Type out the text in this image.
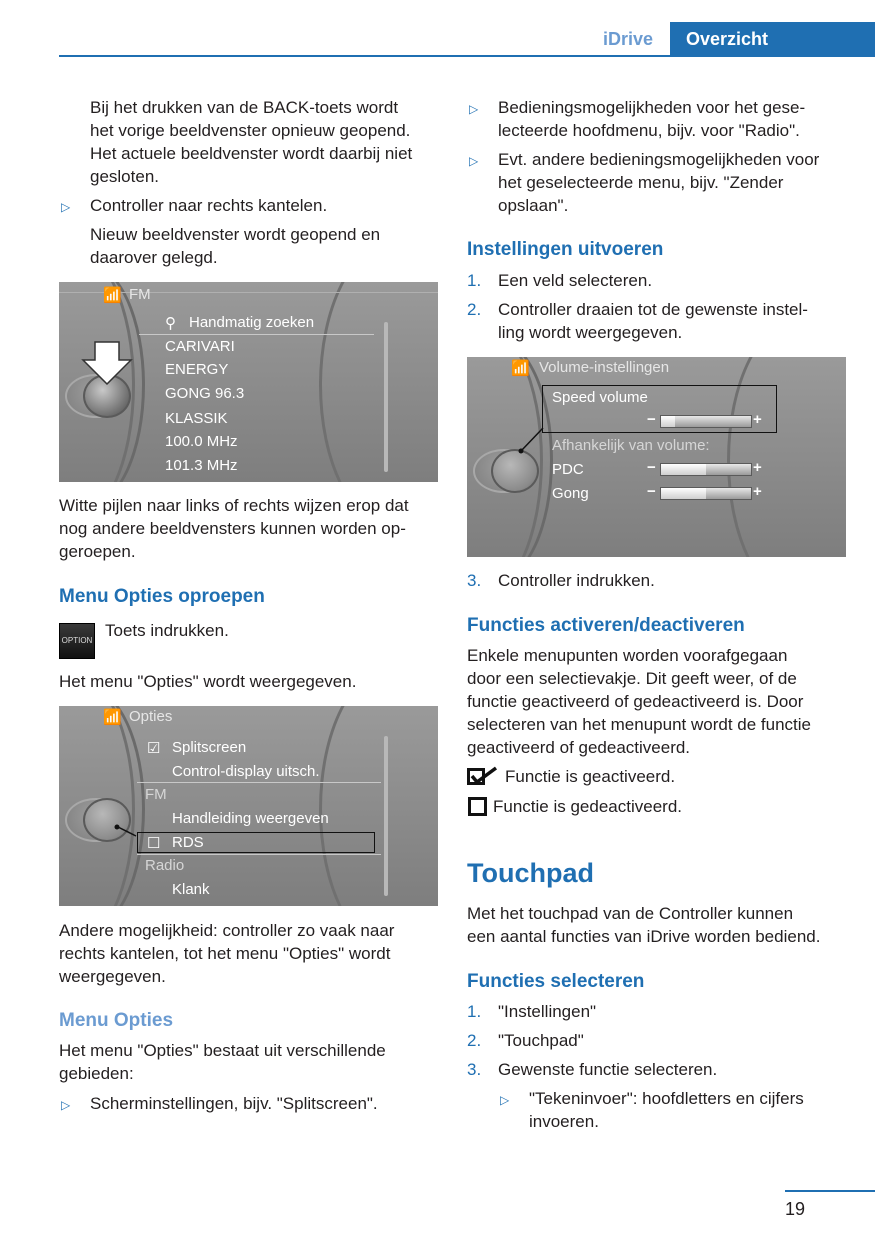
iDrive	Overzicht
Bij het drukken van de BACK-toets wordt
het vorige beeldvenster opnieuw geopend.
Het actuele beeldvenster wordt daarbij niet
gesloten.
▷ Controller naar rechts kantelen.
Nieuw beeldvenster wordt geopend en
daarover gelegd.
📶 FM
⚲ Handmatig zoeken
CARIVARI
ENERGY
GONG 96.3
KLASSIK
100.0 MHz
101.3 MHz
Witte pijlen naar links of rechts wijzen erop dat
nog andere beeldvensters kunnen worden op-
geroepen.
Menu Opties oproepen
OPTION
Toets indrukken.
Het menu "Opties" wordt weergegeven.
📶 Opties
☑ Splitscreen
Control-display uitsch.
FM
Handleiding weergeven
☐ RDS
Radio
Klank
Andere mogelijkheid: controller zo vaak naar
rechts kantelen, tot het menu "Opties" wordt
weergegeven.
Menu Opties
Het menu "Opties" bestaat uit verschillende
gebieden:
▷ Scherminstellingen, bijv. "Splitscreen".
▷ Bedieningsmogelijkheden voor het gese-
lecteerde hoofdmenu, bijv. voor "Radio".
▷ Evt. andere bedieningsmogelijkheden voor
het geselecteerde menu, bijv. "Zender
opslaan".
Instellingen uitvoeren
1. Een veld selecteren.
2. Controller draaien tot de gewenste instel-
ling wordt weergegeven.
📶 Volume-instellingen
Speed volume
−	+
Afhankelijk van volume:
PDC	−	+
Gong	−	+
3. Controller indrukken.
Functies activeren/deactiveren
Enkele menupunten worden voorafgegaan
door een selectievakje. Dit geeft weer, of de
functie geactiveerd of gedeactiveerd is. Door
selecteren van het menupunt wordt de functie
geactiveerd of gedeactiveerd.
Functie is geactiveerd.
Functie is gedeactiveerd.
Touchpad
Met het touchpad van de Controller kunnen
een aantal functies van iDrive worden bediend.
Functies selecteren
1. "Instellingen"
2. "Touchpad"
3. Gewenste functie selecteren.
▷ "Tekeninvoer": hoofdletters en cijfers
invoeren.
19
